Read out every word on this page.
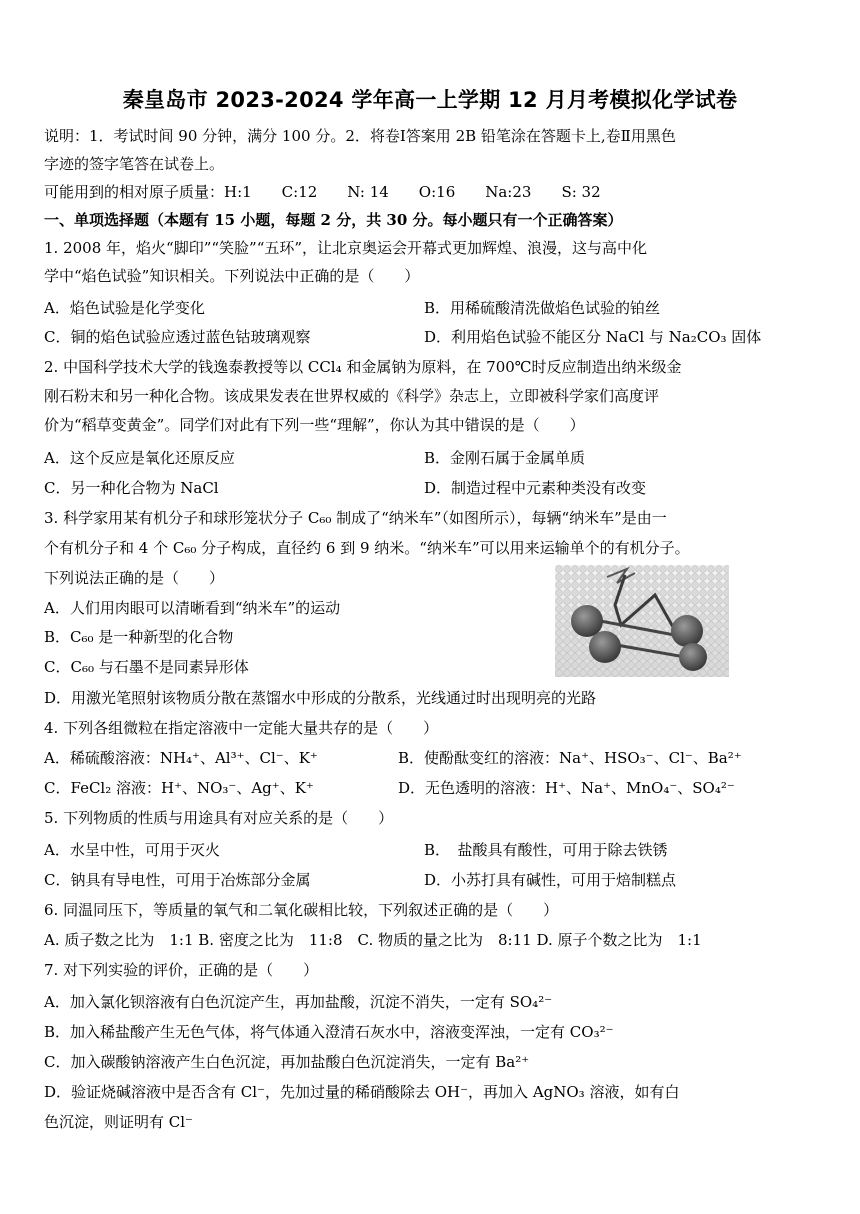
秦皇岛市 2023-2024 学年高一上学期 12 月月考模拟化学试卷
说明：1．考试时间 90 分钟，满分 100 分。2．将卷Ⅰ答案用 2B 铅笔涂在答题卡上,卷Ⅱ用黑色
字迹的签字笔答在试卷上。
可能用到的相对原子质量：H:1　　C:12　　N: 14　　O:16　　Na:23　　S: 32
一、单项选择题（本题有 15 小题，每题 2 分，共 30 分。每小题只有一个正确答案）
1. 2008 年，焰火“脚印”“笑脸”“五环”，让北京奥运会开幕式更加辉煌、浪漫，这与高中化
学中“焰色试验”知识相关。下列说法中正确的是（　　）
A．焰色试验是化学变化	B．用稀硫酸清洗做焰色试验的铂丝
C．铜的焰色试验应透过蓝色钴玻璃观察	D．利用焰色试验不能区分 NaCl 与 Na₂CO₃ 固体
2. 中国科学技术大学的钱逸泰教授等以 CCl₄ 和金属钠为原料，在 700℃时反应制造出纳米级金
刚石粉末和另一种化合物。该成果发表在世界权威的《科学》杂志上，立即被科学家们高度评
价为“稻草变黄金”。同学们对此有下列一些“理解”，你认为其中错误的是（　　）
A．这个反应是氧化还原反应	B．金刚石属于金属单质
C．另一种化合物为 NaCl	D．制造过程中元素种类没有改变
3. 科学家用某有机分子和球形笼状分子 C₆₀ 制成了“纳米车”（如图所示），每辆“纳米车”是由一
个有机分子和 4 个 C₆₀ 分子构成，直径约 6 到 9 纳米。“纳米车”可以用来运输单个的有机分子。
下列说法正确的是（　　）
A．人们用肉眼可以清晰看到“纳米车”的运动
B．C₆₀ 是一种新型的化合物
C．C₆₀ 与石墨不是同素异形体
D．用激光笔照射该物质分散在蒸馏水中形成的分散系，光线通过时出现明亮的光路
4. 下列各组微粒在指定溶液中一定能大量共存的是（　　）
A．稀硫酸溶液：NH₄⁺、Al³⁺、Cl⁻、K⁺	B．使酚酞变红的溶液：Na⁺、HSO₃⁻、Cl⁻、Ba²⁺
C．FeCl₂ 溶液：H⁺、NO₃⁻、Ag⁺、K⁺	D．无色透明的溶液：H⁺、Na⁺、MnO₄⁻、SO₄²⁻
5. 下列物质的性质与用途具有对应关系的是（　　）
A．水呈中性，可用于灭火	B．　盐酸具有酸性，可用于除去铁锈
C．钠具有导电性，可用于冶炼部分金属	D．小苏打具有碱性，可用于焙制糕点
6. 同温同压下，等质量的氧气和二氧化碳相比较，下列叙述正确的是（　　）
A. 质子数之比为　1:1 B. 密度之比为　11:8　C. 物质的量之比为　8:11 D. 原子个数之比为　1:1
7. 对下列实验的评价，正确的是（　　）
A．加入氯化钡溶液有白色沉淀产生，再加盐酸，沉淀不消失，一定有 SO₄²⁻
B．加入稀盐酸产生无色气体，将气体通入澄清石灰水中，溶液变浑浊，一定有 CO₃²⁻
C．加入碳酸钠溶液产生白色沉淀，再加盐酸白色沉淀消失，一定有 Ba²⁺
D．验证烧碱溶液中是否含有 Cl⁻，先加过量的稀硝酸除去 OH⁻，再加入 AgNO₃ 溶液，如有白
色沉淀，则证明有 Cl⁻
